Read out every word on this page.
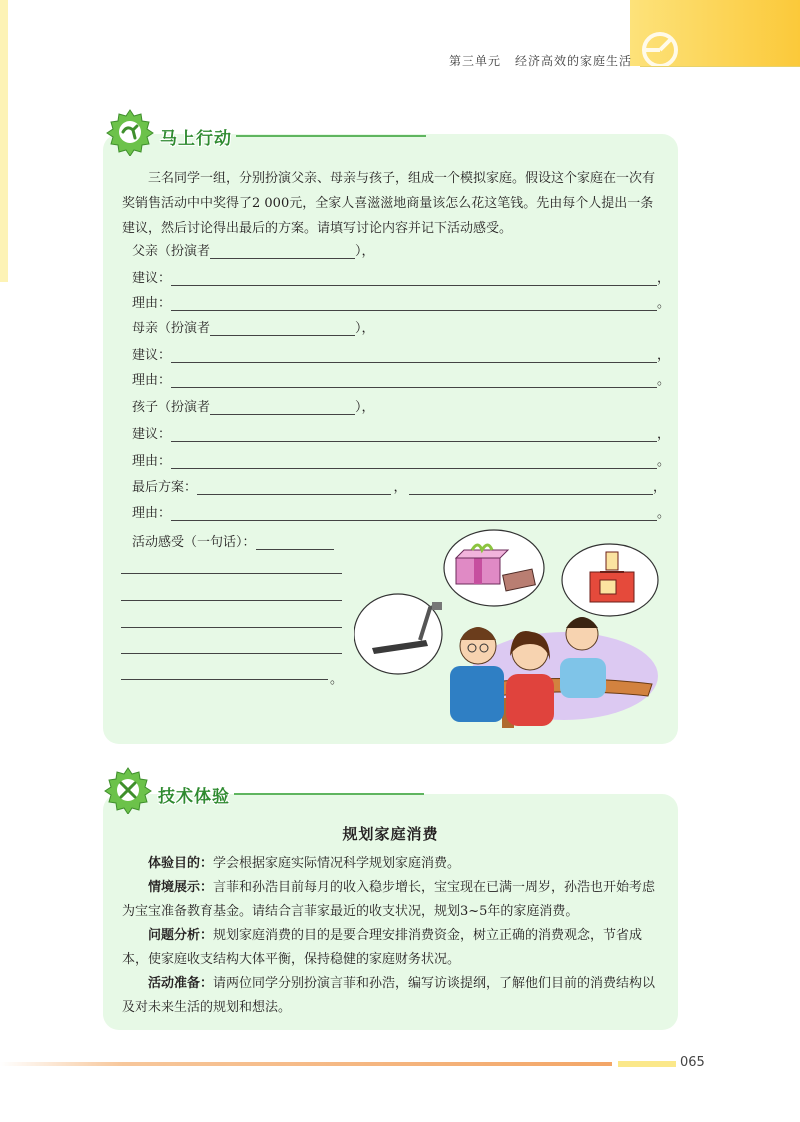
第三单元 经济高效的家庭生活
马上行动
三名同学一组，分别扮演父亲、母亲与孩子，组成一个模拟家庭。假设这个家庭在一次有奖销售活动中中奖得了2 000元，全家人喜滋滋地商量该怎么花这笔钱。先由每个人提出一条建议，然后讨论得出最后的方案。请填写讨论内容并记下活动感受。
父亲（扮演者	），
建议：	，
理由：	。
母亲（扮演者	），
建议：	，
理由：	。
孩子（扮演者	），
建议：	，
理由：	。
最后方案：	，	，
理由：	。
活动感受（一句话）：
。
技术体验
规划家庭消费
体验目的：学会根据家庭实际情况科学规划家庭消费。
情境展示：言菲和孙浩目前每月的收入稳步增长，宝宝现在已满一周岁，孙浩也开始考虑为宝宝准备教育基金。请结合言菲家最近的收支状况，规划3~5年的家庭消费。
问题分析：规划家庭消费的目的是要合理安排消费资金，树立正确的消费观念，节省成本，使家庭收支结构大体平衡，保持稳健的家庭财务状况。
活动准备：请两位同学分别扮演言菲和孙浩，编写访谈提纲，了解他们目前的消费结构以及对未来生活的规划和想法。
065
